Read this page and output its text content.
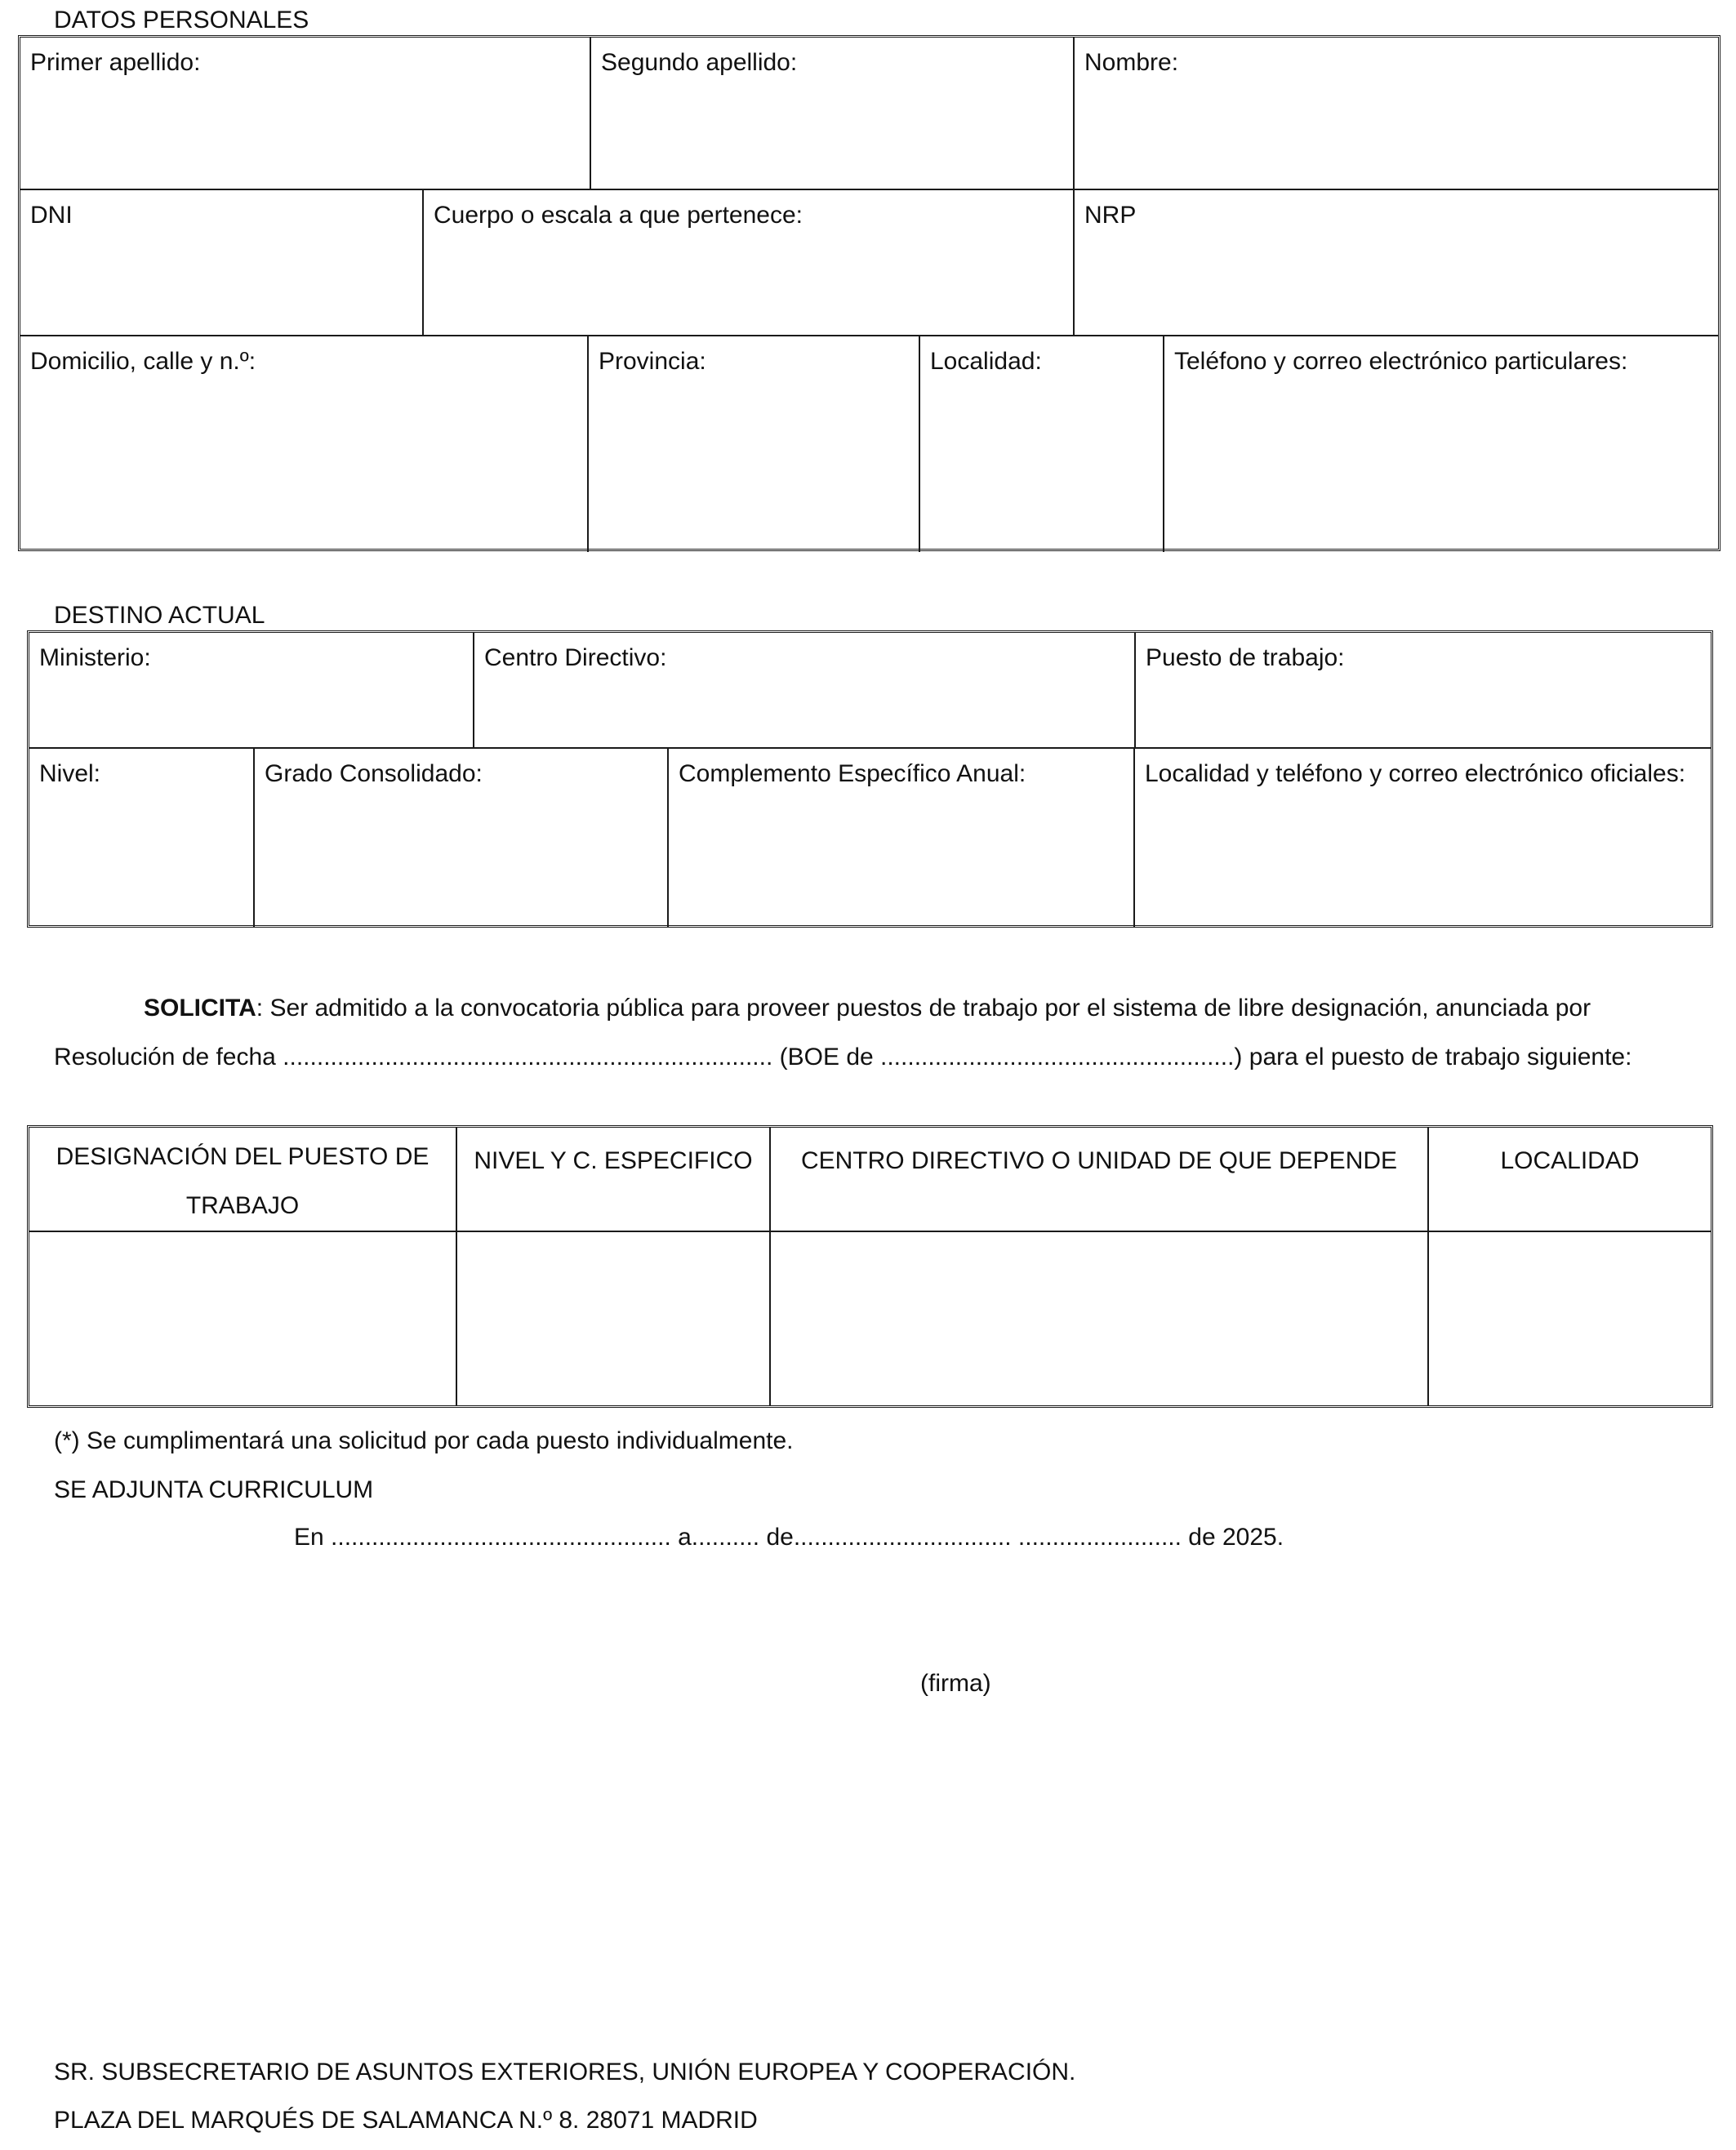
DATOS PERSONALES
Primer apellido:	Segundo apellido:	Nombre:

DNI	Cuerpo o escala a que pertenece:	NRP

Domicilio, calle y n.º:	Provincia:	Localidad:	Teléfono y correo electrónico particulares:
DESTINO ACTUAL
Ministerio:	Centro Directivo:	Puesto de trabajo:

Nivel:	Grado Consolidado:	Complemento Específico Anual:	Localidad y teléfono y correo electrónico oficiales:
SOLICITA: Ser admitido a la convocatoria pública para proveer puestos de trabajo por el sistema de libre designación, anunciada por
Resolución de fecha ........................................................................ (BOE de ....................................................) para el puesto de trabajo siguiente:
DESIGNACIÓN DEL PUESTO DE TRABAJO	NIVEL Y C. ESPECIFICO	CENTRO DIRECTIVO O UNIDAD DE QUE DEPENDE	LOCALIDAD

(*) Se cumplimentará una solicitud por cada puesto individualmente.
SE ADJUNTA CURRICULUM
En .................................................. a.......... de................................ ........................ de 2025.
(firma)
SR. SUBSECRETARIO DE ASUNTOS EXTERIORES, UNIÓN EUROPEA Y COOPERACIÓN.
PLAZA DEL MARQUÉS DE SALAMANCA N.º 8. 28071 MADRID
